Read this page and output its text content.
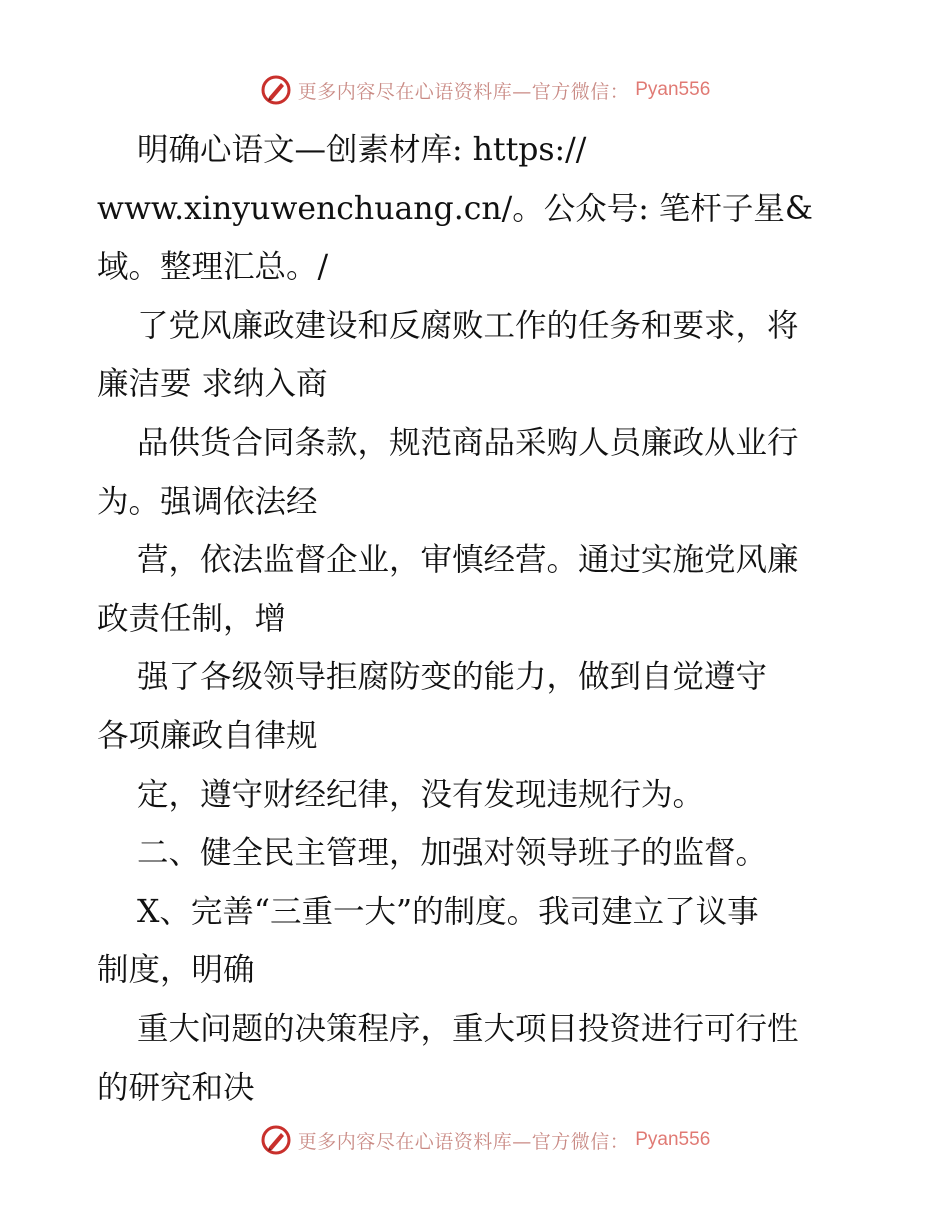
更多内容尽在心语资料库—官方微信： Pyan556
明确心语文—创素材库: https://
www.xinyuwenchuang.cn/。公众号: 笔杆子星&
域。整理汇总。/
了党风廉政建设和反腐败工作的任务和要求，将
廉洁要 求纳入商
品供货合同条款，规范商品采购人员廉政从业行
为。强调依法经
营，依法监督企业，审慎经营。通过实施党风廉
政责任制，增
强了各级领导拒腐防变的能力，做到自觉遵守
各项廉政自律规
定，遵守财经纪律，没有发现违规行为。
二、健全民主管理，加强对领导班子的监督。
X、完善“三重一大”的制度。我司建立了议事
制度，明确
重大问题的决策程序，重大项目投资进行可行性
的研究和决
更多内容尽在心语资料库—官方微信： Pyan556
